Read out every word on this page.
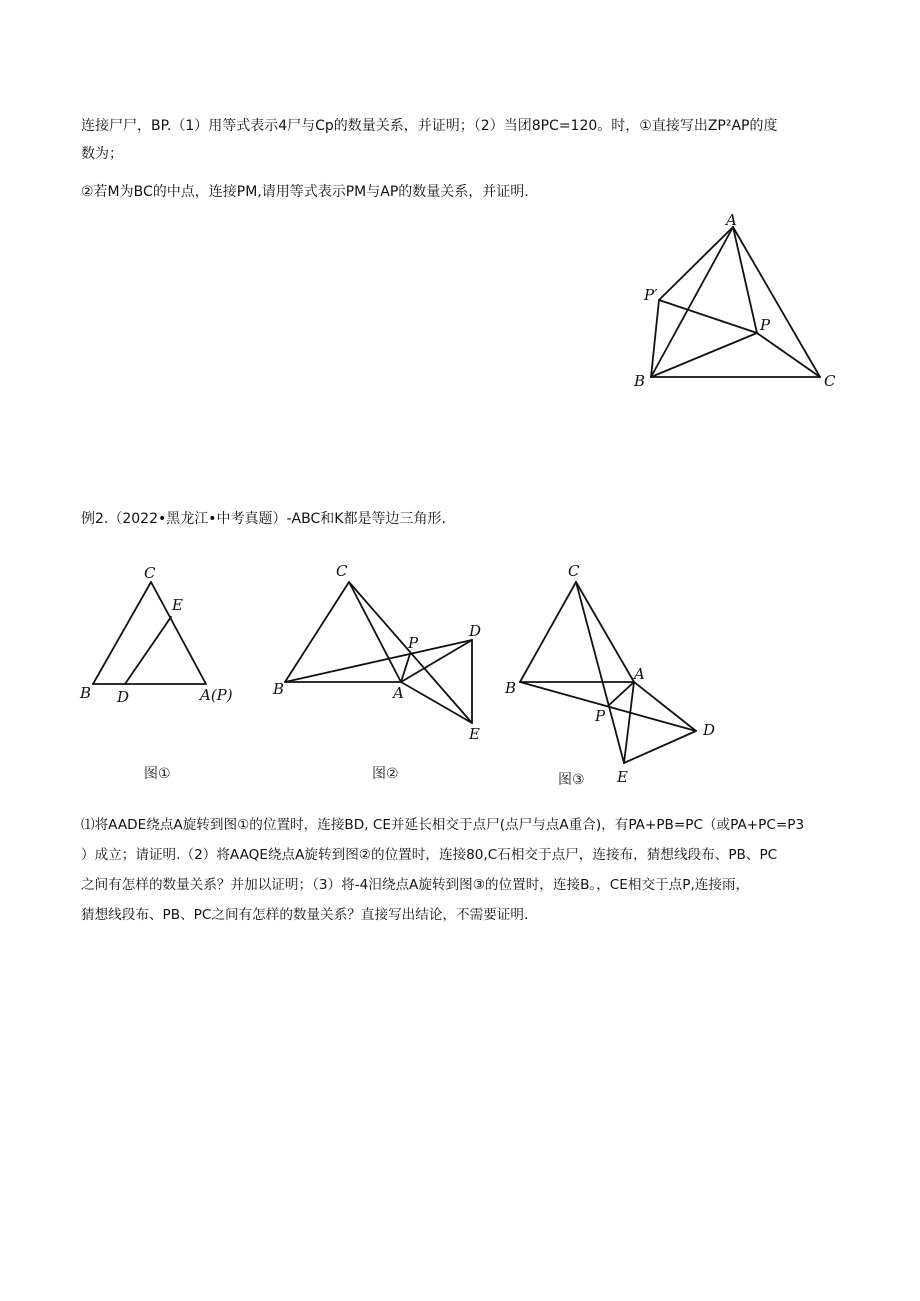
连接尸尸，BP.（1）用等式表示4尸与Cp的数量关系，并证明；（2）当团8PC=120。时，①直接写出ZP²AP的度
数为；
②若M为BC的中点，连接PM,请用等式表示PM与AP的数量关系，并证明.
A
P′
P
B	C
例2.（2022•黑龙江•中考真题）-ABC和K都是等边三角形.
C
E
B D	A(P)
图①
C
P
D
B	A
E
图②
C
A
B
P
D
E
图③
⑴将AADE绕点A旋转到图①的位置时，连接BD, CE并延长相交于点尸(点尸与点A重合)，有PA+PB=PC（或PA+PC=P3
）成立；请证明.（2）将AAQE绕点A旋转到图②的位置时，连接80,C石相交于点尸，连接布，猜想线段布、PB、PC
之间有怎样的数量关系？并加以证明；（3）将-4汨绕点A旋转到图③的位置时，连接B。，CE相交于点P,连接雨，
猜想线段布、PB、PC之间有怎样的数量关系？直接写出结论，不需要证明.
